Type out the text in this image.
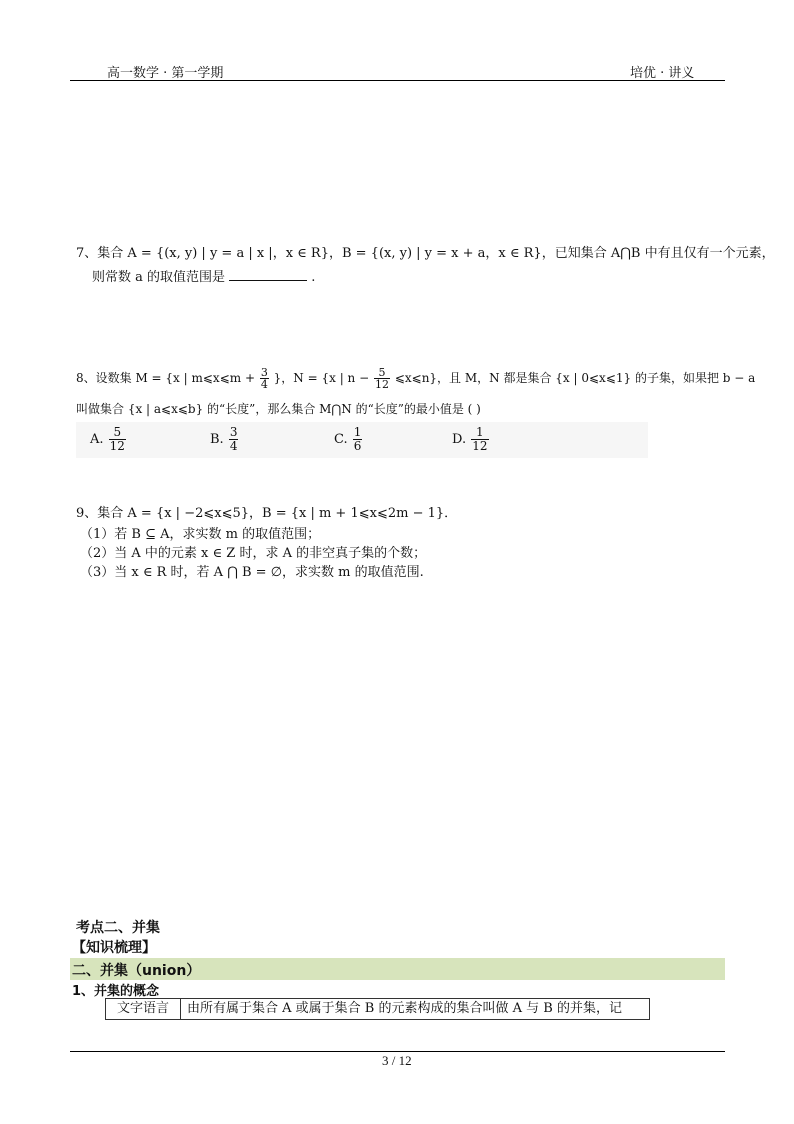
高一数学 · 第一学期	培优 · 讲义
7、集合 A = {(x, y) | y = a | x |，x ∈ R}，B = {(x, y) | y = x + a，x ∈ R}，已知集合 A⋂B 中有且仅有一个元素，
则常数 a 的取值范围是	.
8、设数集 M = {x | m⩽x⩽m + $\frac{3}{4}$ }，N = {x | $n - \frac{5}{12}$ ⩽x⩽n}，且 M，N 都是集合 {x | 0⩽x⩽1} 的子集，如果把 b − a
叫做集合 {x | a⩽x⩽b} 的“长度”，那么集合 M⋂N 的“长度”的最小值是 ( )
A. $\frac{5}{12}$	B. $\frac{3}{4}$	C. $\frac{1}{6}$	D. $\frac{1}{12}$
9、集合 A = {x | −2⩽x⩽5}，B = {x | m + 1⩽x⩽2m − 1}．
（1）若 B ⊆ A，求实数 m 的取值范围；
（2）当 A 中的元素 x ∈ Z 时，求 A 的非空真子集的个数；
（3）当 x ∈ R 时，若 A ⋂ B = ∅，求实数 m 的取值范围.
考点二、并集
【知识梳理】
二、并集（union）
1、并集的概念
文字语言	由所有属于集合 A 或属于集合 B 的元素构成的集合叫做 A 与 B 的并集，记
3 / 12
